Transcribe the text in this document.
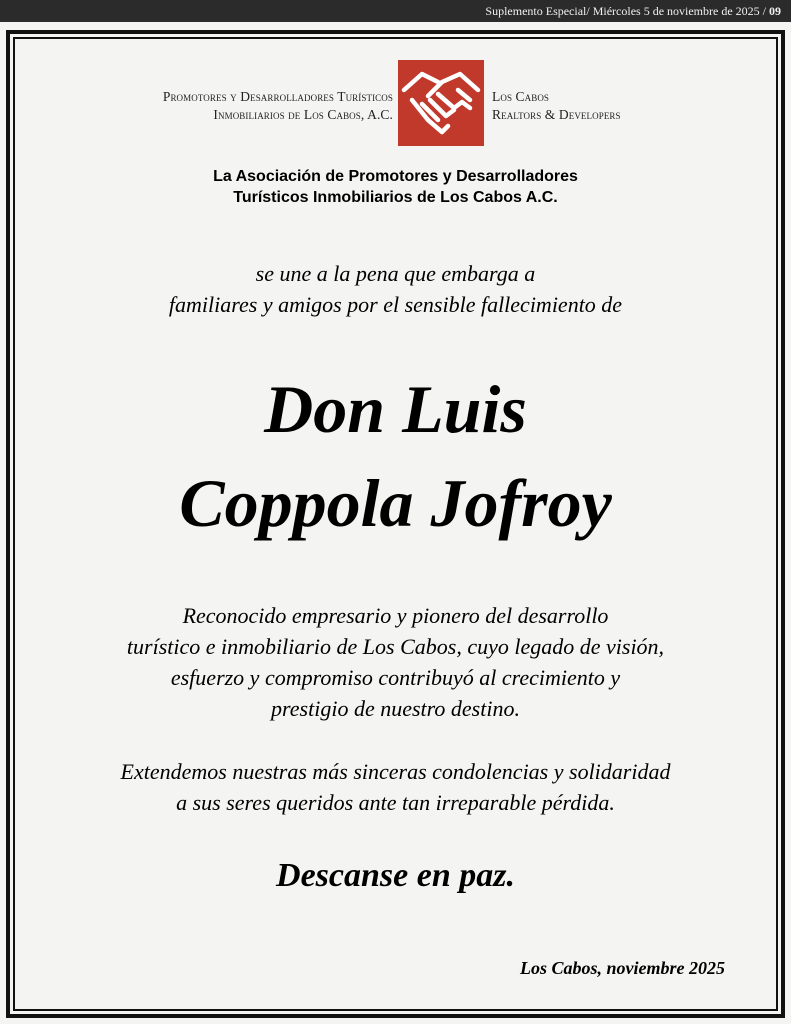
Suplemento Especial/ Miércoles 5 de noviembre de 2025 / 09
Promotores y Desarrolladores Turísticos
Inmobiliarios de Los Cabos, A.C.
Los Cabos
Realtors & Developers
La Asociación de Promotores y Desarrolladores
Turísticos Inmobiliarios de Los Cabos A.C.
se une a la pena que embarga a
familiares y amigos por el sensible fallecimiento de
Don Luis
Coppola Jofroy
Reconocido empresario y pionero del desarrollo
turístico e inmobiliario de Los Cabos, cuyo legado de visión,
esfuerzo y compromiso contribuyó al crecimiento y
prestigio de nuestro destino.
Extendemos nuestras más sinceras condolencias y solidaridad
a sus seres queridos ante tan irreparable pérdida.
Descanse en paz.
Los Cabos, noviembre 2025
